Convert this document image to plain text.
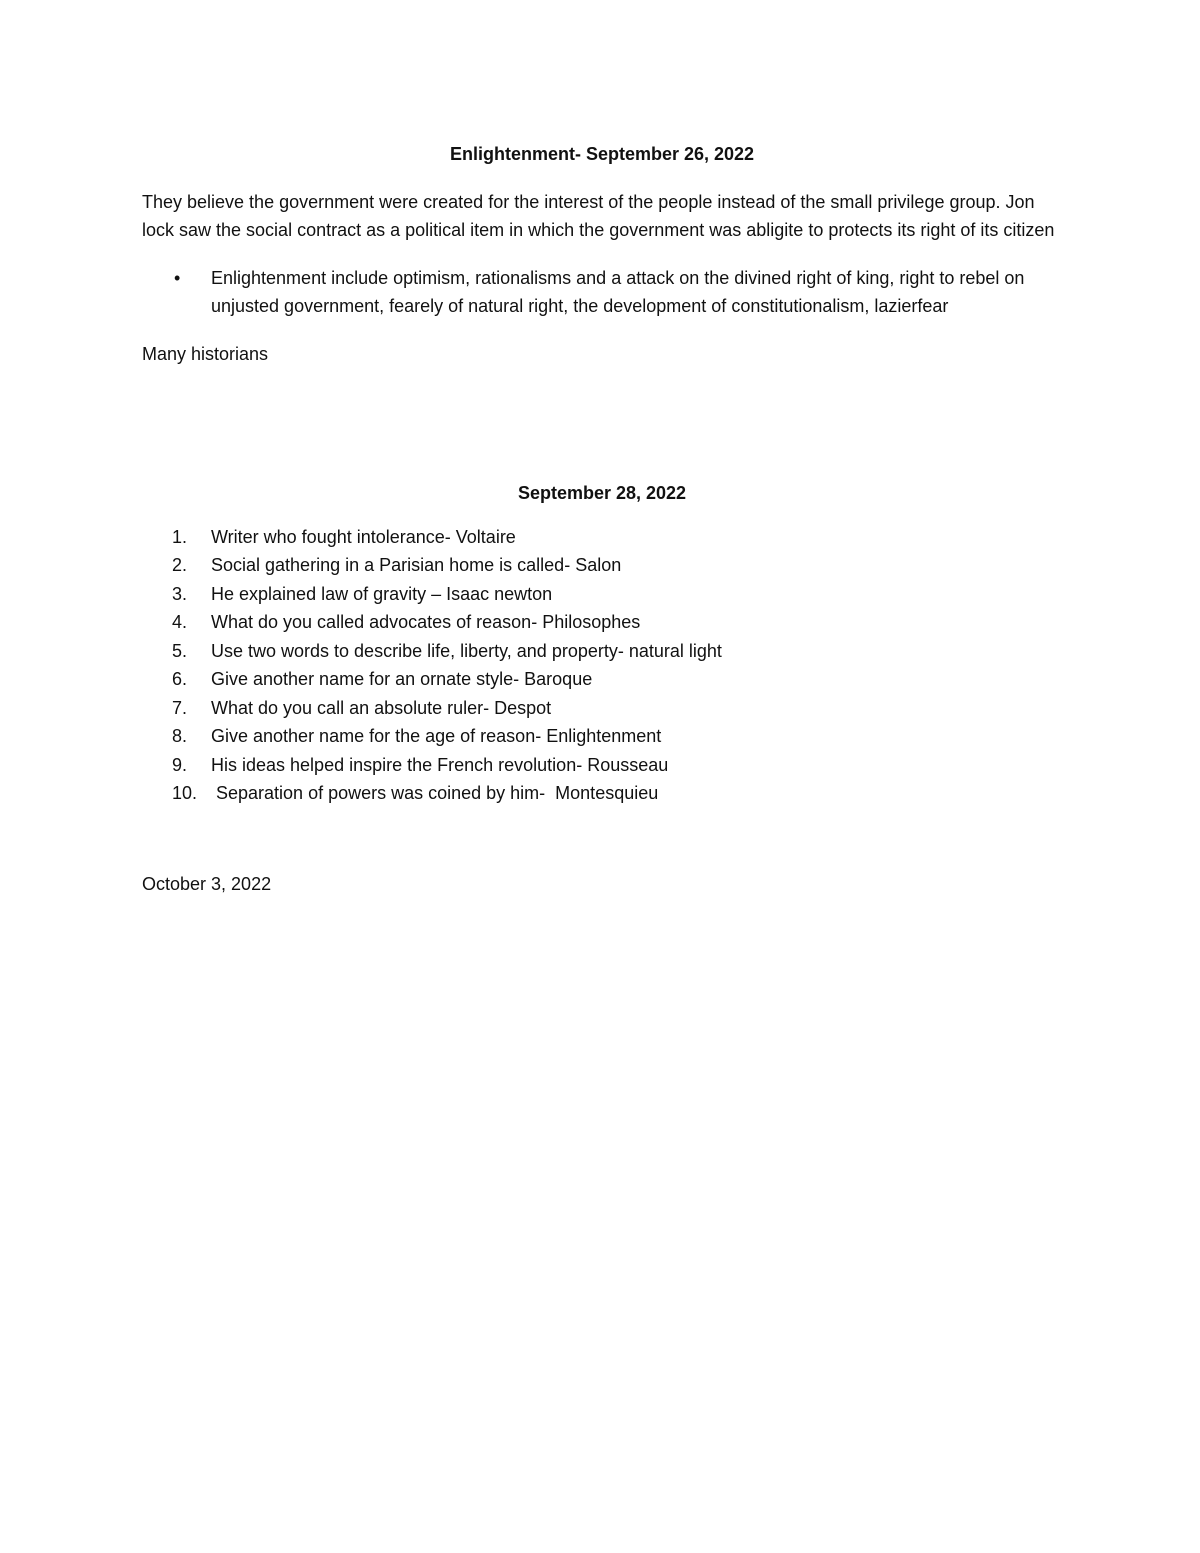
Enlightenment- September 26, 2022

They believe the government were created for the interest of the people instead of the small privilege group. Jon lock saw the social contract as a political item in which the government was abligite to protects its right of its citizen

• Enlightenment include optimism, rationalisms and a attack on the divined right of king, right to rebel on unjusted government, fearely of natural right, the development of constitutionalism, lazierfear

Many historians

September 28, 2022

1. Writer who fought intolerance- Voltaire
2. Social gathering in a Parisian home is called- Salon
3. He explained law of gravity – Isaac newton
4. What do you called advocates of reason- Philosophes
5. Use two words to describe life, liberty, and property- natural light
6. Give another name for an ornate style- Baroque
7. What do you call an absolute ruler- Despot
8. Give another name for the age of reason- Enlightenment
9. His ideas helped inspire the French revolution- Rousseau
10. Separation of powers was coined by him-  Montesquieu

October 3, 2022
